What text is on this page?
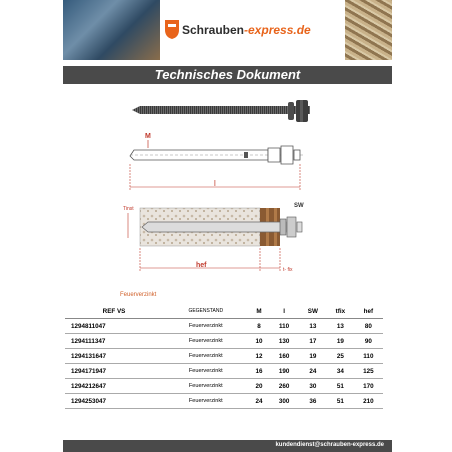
Schrauben-express.de
Technisches Dokument
M
l
Tinst	SW
hef
t- fix
Feuerverzinkt
REF VS	GEGENSTAND	M	l	SW	tfix	hef
1294811047	Feuerverzinkt	8	110	13	13	80
1294111347	Feuerverzinkt	10	130	17	19	90
1294131647	Feuerverzinkt	12	160	19	25	110
1294171947	Feuerverzinkt	16	190	24	34	125
1294212647	Feuerverzinkt	20	260	30	51	170
1294253047	Feuerverzinkt	24	300	36	51	210
kundendienst@schrauben-express.de
